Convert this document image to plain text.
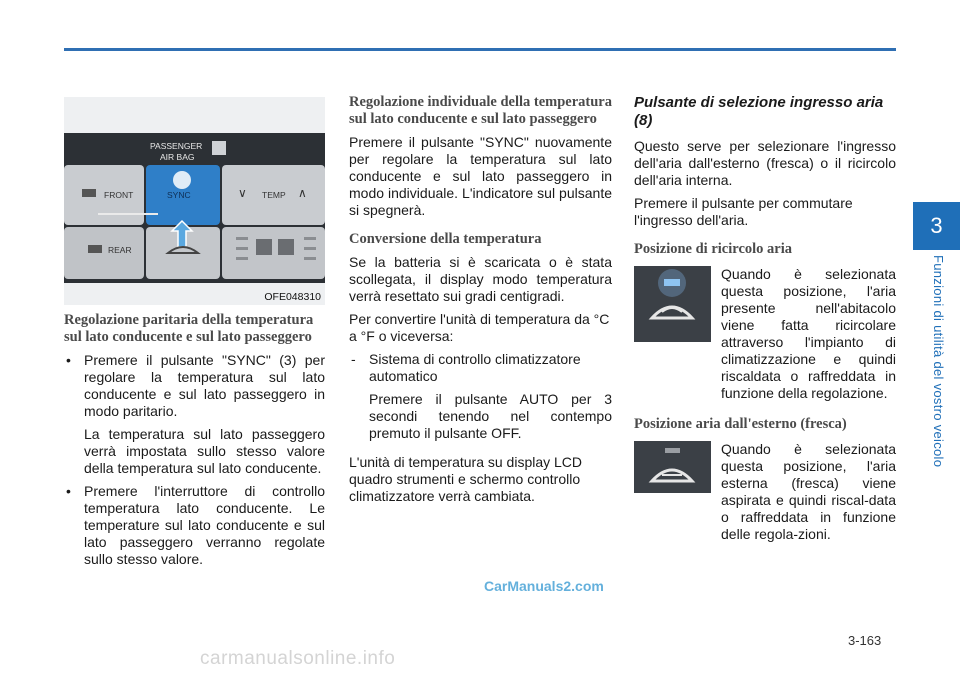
3
Funzioni di utilità del vostro veicolo
PASSENGER
AIR BAG
FRONT	SYNC	∨ TEMP ∧
REAR
OFE048310
Regolazione paritaria della temperatura sul lato conducente e sul lato passeggero
• Premere il pulsante "SYNC" (3) per regolare la temperatura sul lato conducente e sul lato passeggero in modo paritario.
La temperatura sul lato passeggero verrà impostata sullo stesso valore della temperatura sul lato conducente.
• Premere l'interruttore di controllo temperatura lato conducente. Le temperature sul lato conducente e sul lato passeggero verranno regolate sullo stesso valore.
Regolazione individuale della temperatura sul lato conducente e sul lato passeggero

Premere il pulsante "SYNC" nuovamente per regolare la temperatura sul lato conducente e sul lato passeggero in modo individuale. L'indicatore sul pulsante si spegnerà.

Conversione della temperatura

Se la batteria si è scaricata o è stata scollegata, il display modo temperatura verrà resettato sui gradi centigradi.

Per convertire l'unità di temperatura da °C a °F o viceversa:

- Sistema di controllo climatizzatore automatico
Premere il pulsante AUTO per 3 secondi tenendo nel contempo premuto il pulsante OFF.

L'unità di temperatura su display LCD quadro strumenti e schermo controllo climatizzatore verrà cambiata.

Pulsante di selezione ingresso aria (8)

Questo serve per selezionare l'ingresso dell'aria dall'esterno (fresca) o il ricircolo dell'aria interna.

Premere il pulsante per commutare l'ingresso dell'aria.

Posizione di ricircolo aria
Quando è selezionata questa posizione, l'aria presente nell'abitacolo viene fatta ricircolare attraverso l'impianto di climatizzazione e quindi riscaldata o raffreddata in funzione della regolazione.
Posizione aria dall'esterno (fresca)
Quando è selezionata questa posizione, l'aria esterna (fresca) viene aspirata e quindi riscal-data o raffreddata in funzione delle regola-zioni.
CarManuals2.com
3-163
carmanualsonline.info
